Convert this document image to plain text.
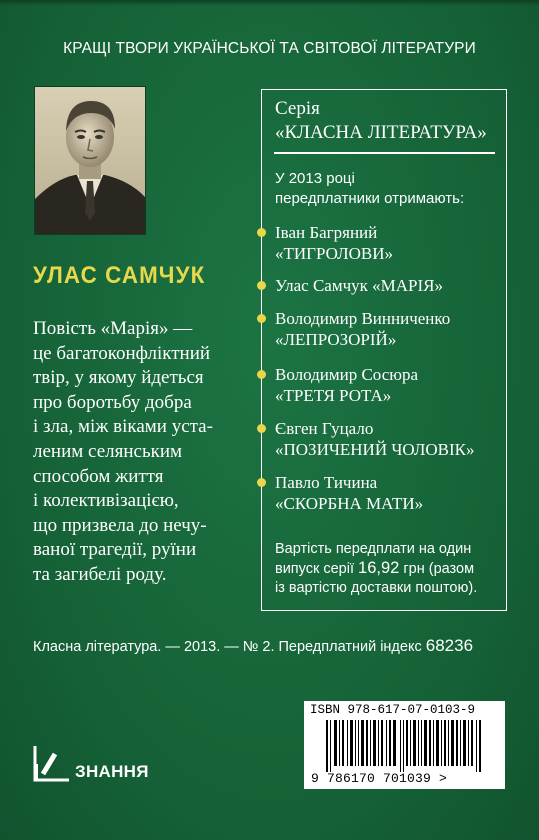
КРАЩІ ТВОРИ УКРАЇНСЬКОЇ ТА СВІТОВОЇ ЛІТЕРАТУРИ
УЛАС САМЧУК
Повість «Марія» —
це багатоконфліктний
твір, у якому йдеться
про боротьбу добра
і зла, між віками уста-
леним селянським
способом життя
і колективізацією,
що призвела до нечу-
ваної трагедії, руїни
та загибелі роду.
Серія
«КЛАСНА ЛІТЕРАТУРА»
У 2013 році
передплатники отримають:
Іван Багряний
«ТИГРОЛОВИ»
Улас Самчук «МАРІЯ»
Володимир Винниченко
«ЛЕПРОЗОРІЙ»
Володимир Сосюра
«ТРЕТЯ РОТА»
Євген Гуцало
«ПОЗИЧЕНИЙ ЧОЛОВІК»
Павло Тичина
«СКОРБНА МАТИ»
Вартість передплати на один
випуск серії 16,92 грн (разом
із вартістю доставки поштою).
Класна література. — 2013. — № 2. Передплатний індекс 68236
ЗНАННЯ
ISBN 978-617-07-0103-9
9 786170 701039 >
